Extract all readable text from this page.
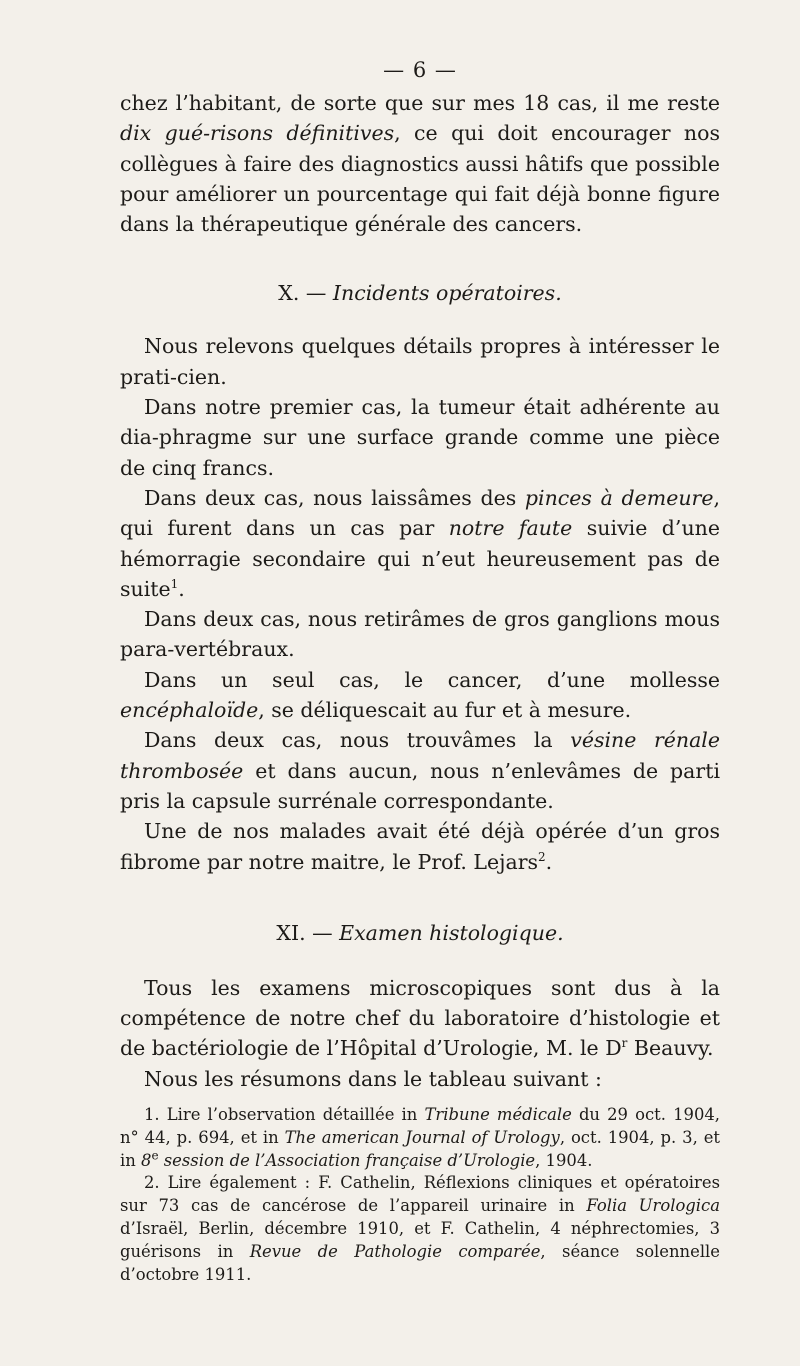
— 6 —

chez l’habitant, de sorte que sur mes 18 cas, il me reste dix gué-risons définitives, ce qui doit encourager nos collègues à faire des diagnostics aussi hâtifs que possible pour améliorer un pourcentage qui fait déjà bonne figure dans la thérapeutique générale des cancers.

X. — Incidents opératoires.

Nous relevons quelques détails propres à intéresser le prati-cien.

Dans notre premier cas, la tumeur était adhérente au dia-phragme sur une surface grande comme une pièce de cinq francs.

Dans deux cas, nous laissâmes des pinces à demeure, qui furent dans un cas par notre faute suivie d’une hémorragie secondaire qui n’eut heureusement pas de suite$^1$.

Dans deux cas, nous retirâmes de gros ganglions mous para-vertébraux.

Dans un seul cas, le cancer, d’une mollesse encéphaloïde, se déliquescait au fur et à mesure.

Dans deux cas, nous trouvâmes la vésine rénale thrombosée et dans aucun, nous n’enlevâmes de parti pris la capsule surrénale correspondante.

Une de nos malades avait été déjà opérée d’un gros fibrome par notre maitre, le Prof. Lejars$^2$.

XI. — Examen histologique.

Tous les examens microscopiques sont dus à la compétence de notre chef du laboratoire d’histologie et de bactériologie de l’Hôpital d’Urologie, M. le $D^r$ Beauvy.

Nous les résumons dans le tableau suivant :

1. Lire l’observation détaillée in Tribune médicale du 29 oct. 1904, n° 44, p. 694, et in The american Journal of Urology, oct. 1904, p. 3, et in 8e session de l’Association française d’Urologie, 1904.

2. Lire également : F. Cathelin, Réflexions cliniques et opératoires sur 73 cas de cancérose de l’appareil urinaire in Folia Urologica d’Israël, Berlin, décembre 1910, et F. Cathelin, 4 néphrectomies, 3 guérisons in Revue de Pathologie comparée, séance solennelle d’octobre 1911.
